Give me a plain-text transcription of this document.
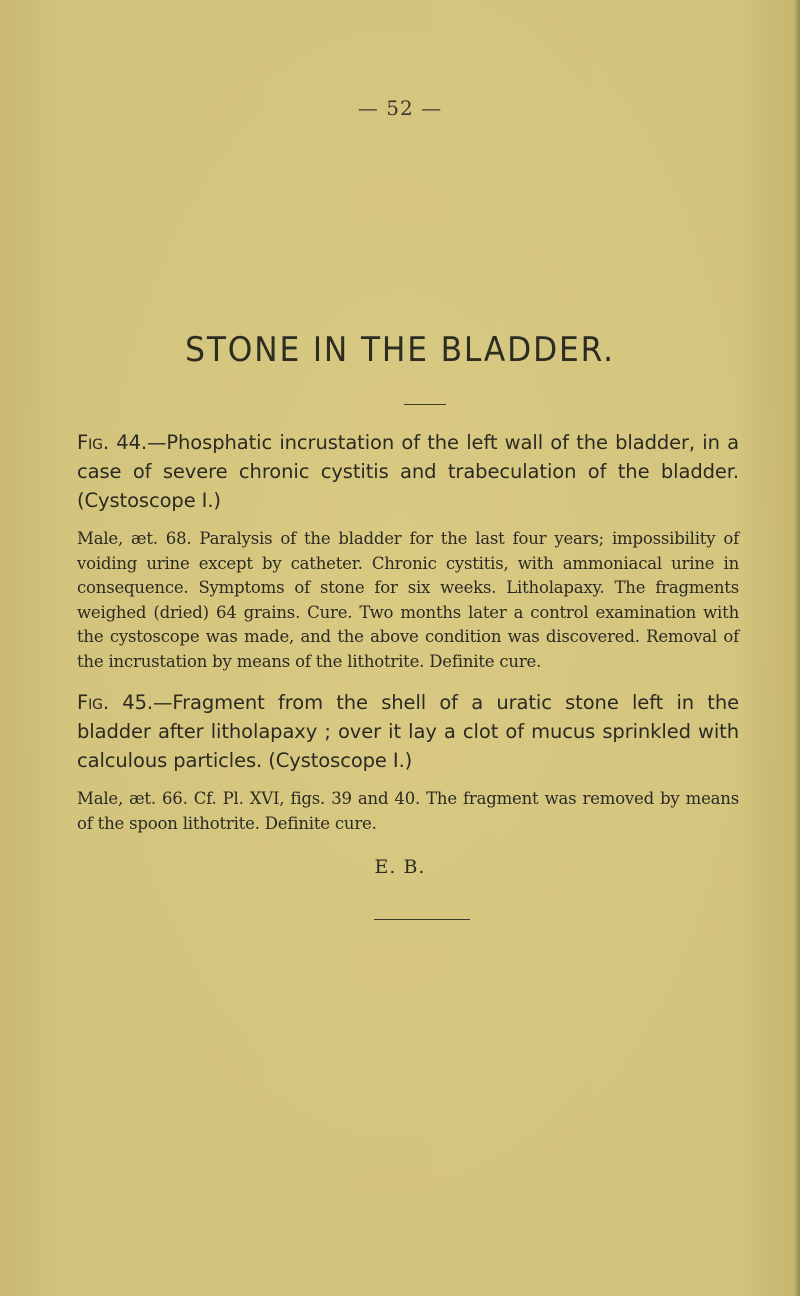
— 52 —
STONE IN THE BLADDER.
Fig. 44.—Phosphatic incrustation of the left wall of the bladder, in a case of severe chronic cystitis and trabeculation of the bladder. (Cystoscope I.)
Male, æt. 68. Paralysis of the bladder for the last four years; impossibility of voiding urine except by catheter. Chronic cystitis, with ammoniacal urine in consequence. Symptoms of stone for six weeks. Litholapaxy. The fragments weighed (dried) 64 grains. Cure. Two months later a control examination with the cystoscope was made, and the above condition was discovered. Removal of the incrustation by means of the lithotrite. Definite cure.
Fig. 45.—Fragment from the shell of a uratic stone left in the bladder after litholapaxy ; over it lay a clot of mucus sprinkled with calculous particles. (Cystoscope I.)
Male, æt. 66. Cf. Pl. XVI, figs. 39 and 40. The fragment was removed by means of the spoon lithotrite. Definite cure.
E. B.
